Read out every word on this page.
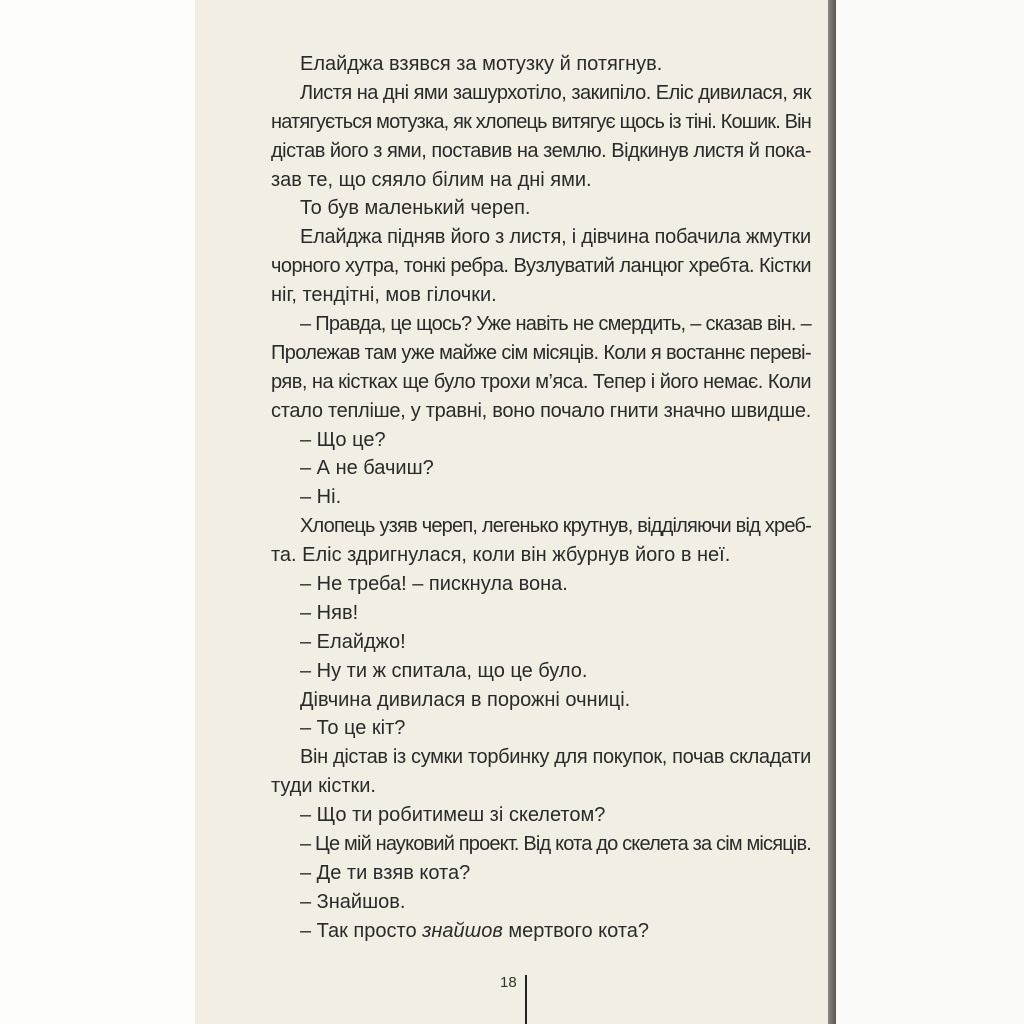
Елайджа взявся за мотузку й потягнув.
Листя на дні ями зашурхотіло, закипіло. Еліс дивилася, як
натягується мотузка, як хлопець витягує щось із тіні. Кошик. Він
дістав його з ями, поставив на землю. Відкинув листя й пока-
зав те, що сяяло білим на дні ями.
То був маленький череп.
Елайджа підняв його з листя, і дівчина побачила жмутки
чорного хутра, тонкі ребра. Вузлуватий ланцюг хребта. Кістки
ніг, тендітні, мов гілочки.
– Правда, це щось? Уже навіть не смердить, – сказав він. –
Пролежав там уже майже сім місяців. Коли я востаннє переві-
ряв, на кістках ще було трохи м’яса. Тепер і його немає. Коли
стало тепліше, у травні, воно почало гнити значно швидше.
– Що це?
– А не бачиш?
– Ні.
Хлопець узяв череп, легенько крутнув, відділяючи від хреб-
та. Еліс здригнулася, коли він жбурнув його в неї.
– Не треба! – пискнула вона.
– Няв!
– Елайджо!
– Ну ти ж спитала, що це було.
Дівчина дивилася в порожні очниці.
– То це кіт?
Він дістав із сумки торбинку для покупок, почав складати
туди кістки.
– Що ти робитимеш зі скелетом?
– Це мій науковий проект. Від кота до скелета за сім місяців.
– Де ти взяв кота?
– Знайшов.
– Так просто знайшов мертвого кота?
18
